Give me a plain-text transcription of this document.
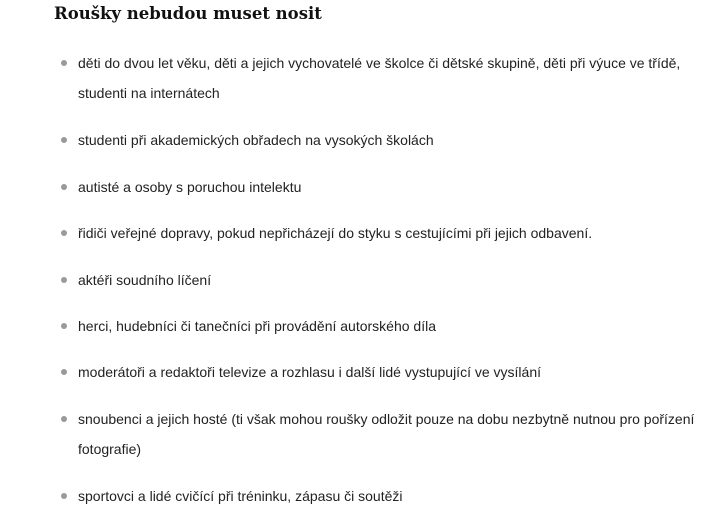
Roušky nebudou muset nosit
děti do dvou let věku, děti a jejich vychovatelé ve školce či dětské skupině, děti při výuce ve třídě, studenti na internátech
studenti při akademických obřadech na vysokých školách
autisté a osoby s poruchou intelektu
řidiči veřejné dopravy, pokud nepřicházejí do styku s cestujícími při jejich odbavení.
aktéři soudního líčení
herci, hudebníci či tanečníci při provádění autorského díla
moderátoři a redaktoři televize a rozhlasu i další lidé vystupující ve vysílání
snoubenci a jejich hosté (ti však mohou roušky odložit pouze na dobu nezbytně nutnou pro pořízení fotografie)
sportovci a lidé cvičící při tréninku, zápasu či soutěži
